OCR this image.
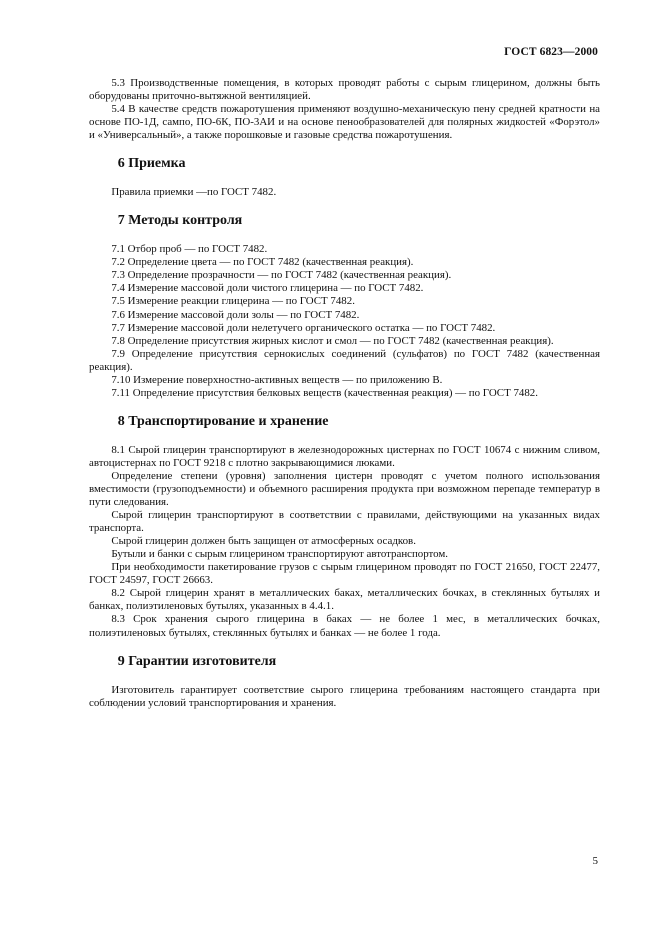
ГОСТ 6823—2000

5.3 Производственные помещения, в которых проводят работы с сырым глицерином, должны быть оборудованы приточно-вытяжной вентиляцией.

5.4 В качестве средств пожаротушения применяют воздушно-механическую пену средней кратности на основе ПО-1Д, сампо, ПО-6К, ПО-3АИ и на основе пенообразователей для полярных жидкостей «Форэтол» и «Универсальный», а также порошковые и газовые средства пожаротушения.

6 Приемка

Правила приемки —по ГОСТ 7482.

7 Методы контроля

7.1 Отбор проб — по ГОСТ 7482.

7.2 Определение цвета — по ГОСТ 7482 (качественная реакция).

7.3 Определение прозрачности — по ГОСТ 7482 (качественная реакция).

7.4 Измерение массовой доли чистого глицерина — по ГОСТ 7482.

7.5 Измерение реакции глицерина — по ГОСТ 7482.

7.6 Измерение массовой доли золы — по ГОСТ 7482.

7.7 Измерение массовой доли нелетучего органического остатка — по ГОСТ 7482.

7.8 Определение присутствия жирных кислот и смол — по ГОСТ 7482 (качественная реакция).

7.9 Определение присутствия сернокислых соединений (сульфатов) по ГОСТ 7482 (качественная реакция).

7.10 Измерение поверхностно-активных веществ — по приложению В.

7.11 Определение присутствия белковых веществ (качественная реакция) — по ГОСТ 7482.

8 Транспортирование и хранение

8.1 Сырой глицерин транспортируют в железнодорожных цистернах по ГОСТ 10674 с нижним сливом, автоцистернах по ГОСТ 9218 с плотно закрывающимися люками.

Определение степени (уровня) заполнения цистерн проводят с учетом полного использования вместимости (грузоподъемности) и объемного расширения продукта при возможном перепаде температур в пути следования.

Сырой глицерин транспортируют в соответствии с правилами, действующими на указанных видах транспорта.

Сырой глицерин должен быть защищен от атмосферных осадков.

Бутыли и банки с сырым глицерином транспортируют автотранспортом.

При необходимости пакетирование грузов с сырым глицерином проводят по ГОСТ 21650, ГОСТ 22477, ГОСТ 24597, ГОСТ 26663.

8.2 Сырой глицерин хранят в металлических баках, металлических бочках, в стеклянных бутылях и банках, полиэтиленовых бутылях, указанных в 4.4.1.

8.3 Срок хранения сырого глицерина в баках — не более 1 мес, в металлических бочках, полиэтиленовых бутылях, стеклянных бутылях и банках — не более 1 года.

9 Гарантии изготовителя

Изготовитель гарантирует соответствие сырого глицерина требованиям настоящего стандарта при соблюдении условий транспортирования и хранения.

5
